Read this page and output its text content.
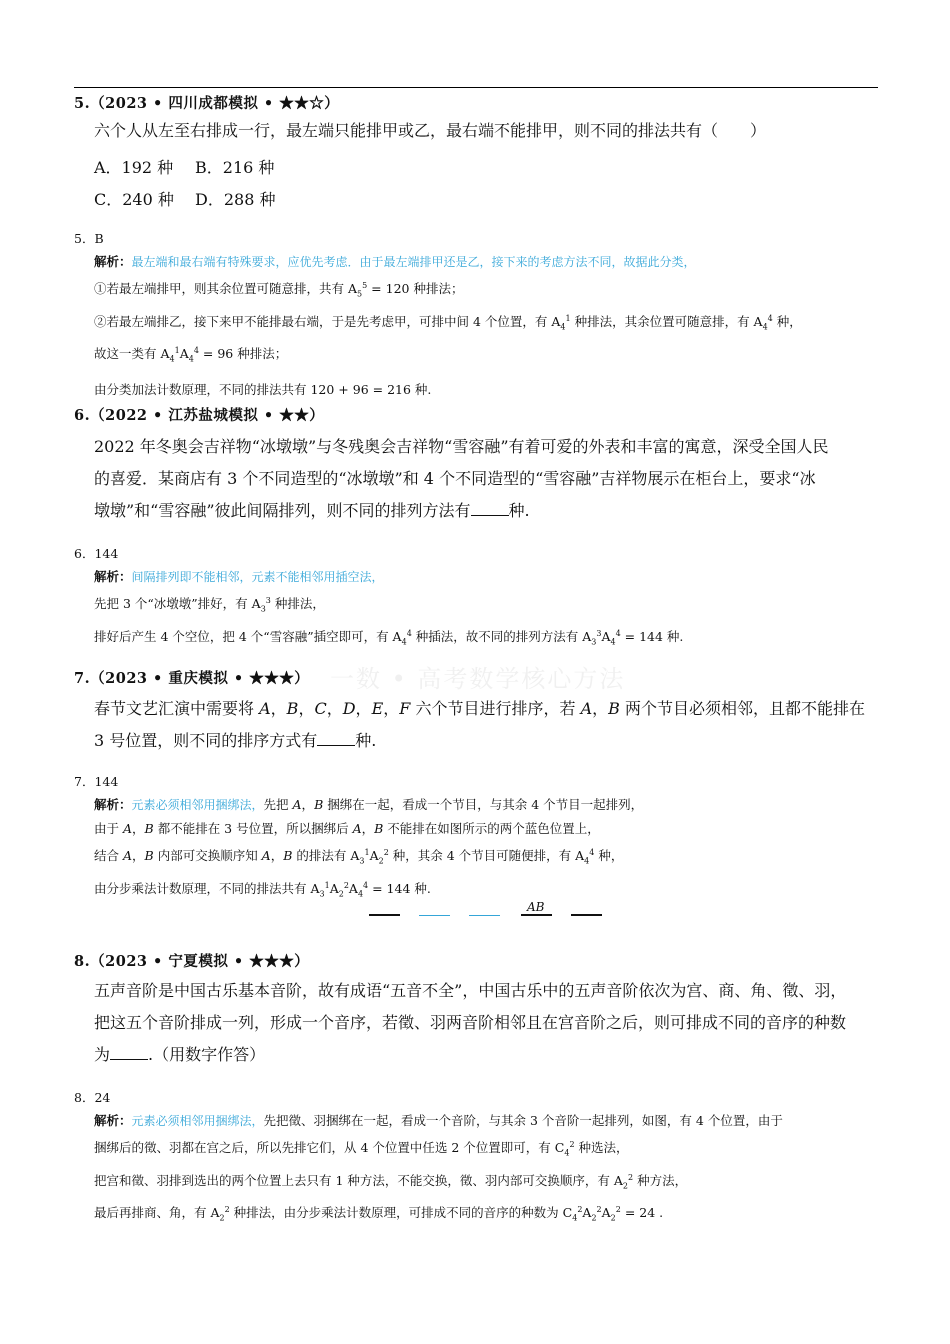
一数 • 高考数学核心方法
5.（2023 • 四川成都模拟 • ★★☆）
六个人从左至右排成一行，最左端只能排甲或乙，最右端不能排甲，则不同的排法共有（　　）
A．192 种 B．216 种
C．240 种 D．288 种
5．B
解析：最左端和最右端有特殊要求，应优先考虑．由于最左端排甲还是乙，接下来的考虑方法不同，故据此分类，
①若最左端排甲，则其余位置可随意排，共有 $A_5^5 = 120$ 种排法；
②若最左端排乙，接下来甲不能排最右端，于是先考虑甲，可排中间 4 个位置，有 $A_4^1$ 种排法，其余位置可随意排，有 $A_4^4$ 种，
故这一类有 $A_4^1A_4^4 = 96$ 种排法；
由分类加法计数原理，不同的排法共有 120 + 96 = 216 种.
6.（2022 • 江苏盐城模拟 • ★★）
2022 年冬奥会吉祥物“冰墩墩”与冬残奥会吉祥物“雪容融”有着可爱的外表和丰富的寓意，深受全国人民
的喜爱．某商店有 3 个不同造型的“冰墩墩”和 4 个不同造型的“雪容融”吉祥物展示在柜台上，要求“冰
墩墩”和“雪容融”彼此间隔排列，则不同的排列方法有 种.
6．144
解析：间隔排列即不能相邻，元素不能相邻用插空法，
先把 3 个“冰墩墩”排好，有 $A_3^3$ 种排法，
排好后产生 4 个空位，把 4 个“雪容融”插空即可，有 $A_4^4$ 种插法，故不同的排列方法有 $A_3^3A_4^4 = 144$ 种.
7.（2023 • 重庆模拟 • ★★★）
春节文艺汇演中需要将 A，B，C，D，E，F 六个节目进行排序，若 A，B 两个节目必须相邻，且都不能排在
3 号位置，则不同的排序方式有 种.
7．144
解析：元素必须相邻用捆绑法，先把 A，B 捆绑在一起，看成一个节目，与其余 4 个节目一起排列，
由于 A，B 都不能排在 3 号位置，所以捆绑后 A，B 不能排在如图所示的两个蓝色位置上，
结合 A，B 内部可交换顺序知 A，B 的排法有 $A_3^1A_2^2$ 种，其余 4 个节目可随便排，有 $A_4^4$ 种，
由分步乘法计数原理，不同的排法共有 $A_3^1A_2^2A_4^4 = 144$ 种.
AB
8.（2023 • 宁夏模拟 • ★★★）
五声音阶是中国古乐基本音阶，故有成语“五音不全”，中国古乐中的五声音阶依次为宫、商、角、徵、羽，
把这五个音阶排成一列，形成一个音序，若徵、羽两音阶相邻且在宫音阶之后，则可排成不同的音序的种数
为 .（用数字作答）
8．24
解析：元素必须相邻用捆绑法，先把徵、羽捆绑在一起，看成一个音阶，与其余 3 个音阶一起排列，如图，有 4 个位置，由于
捆绑后的徵、羽都在宫之后，所以先排它们，从 4 个位置中任选 2 个位置即可，有 $C_4^2$ 种选法，
把宫和徵、羽排到选出的两个位置上去只有 1 种方法，不能交换，徵、羽内部可交换顺序，有 $A_2^2$ 种方法，
最后再排商、角，有 $A_2^2$ 种排法，由分步乘法计数原理，可排成不同的音序的种数为 $C_4^2A_2^2A_2^2 = 24$ .
